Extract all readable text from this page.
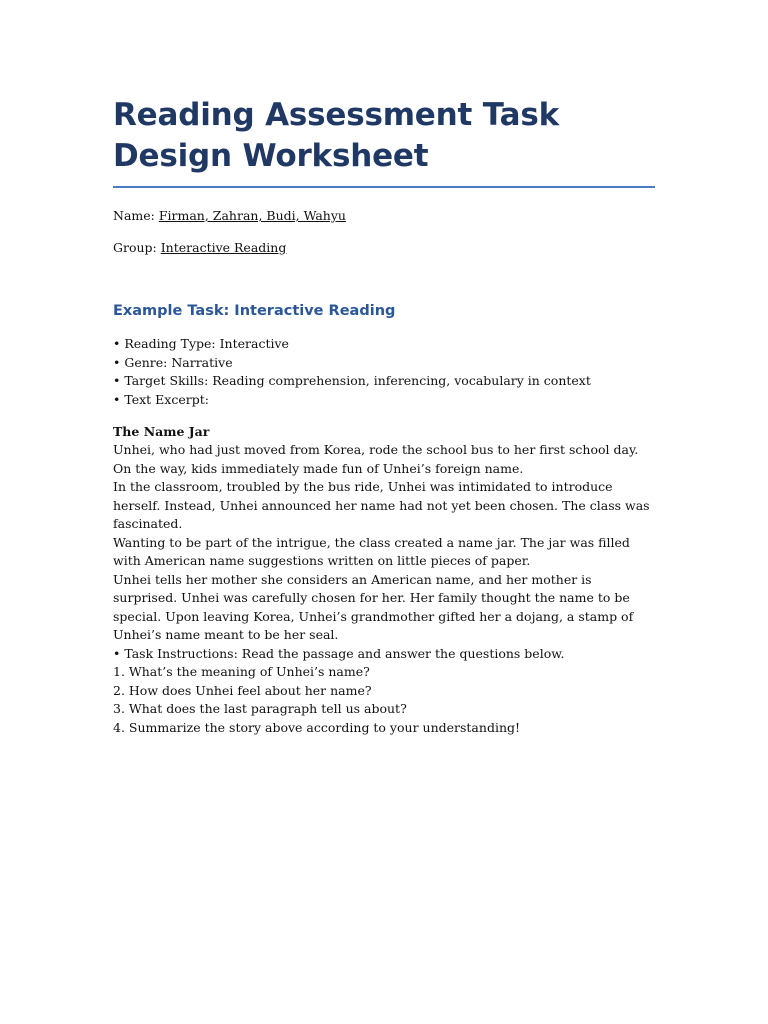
Reading Assessment Task Design Worksheet

Name: Firman, Zahran, Budi, Wahyu

Group: Interactive Reading

Example Task: Interactive Reading

• Reading Type: Interactive

• Genre: Narrative

• Target Skills: Reading comprehension, inferencing, vocabulary in context

• Text Excerpt:

The Name Jar

Unhei, who had just moved from Korea, rode the school bus to her first school day. On the way, kids immediately made fun of Unhei’s foreign name.

In the classroom, troubled by the bus ride, Unhei was intimidated to introduce herself. Instead, Unhei announced her name had not yet been chosen. The class was fascinated.

Wanting to be part of the intrigue, the class created a name jar. The jar was filled with American name suggestions written on little pieces of paper.

Unhei tells her mother she considers an American name, and her mother is surprised. Unhei was carefully chosen for her. Her family thought the name to be special. Upon leaving Korea, Unhei’s grandmother gifted her a dojang, a stamp of Unhei’s name meant to be her seal.

• Task Instructions: Read the passage and answer the questions below.

1. What’s the meaning of Unhei’s name?

2. How does Unhei feel about her name?

3. What does the last paragraph tell us about?

4. Summarize the story above according to your understanding!
